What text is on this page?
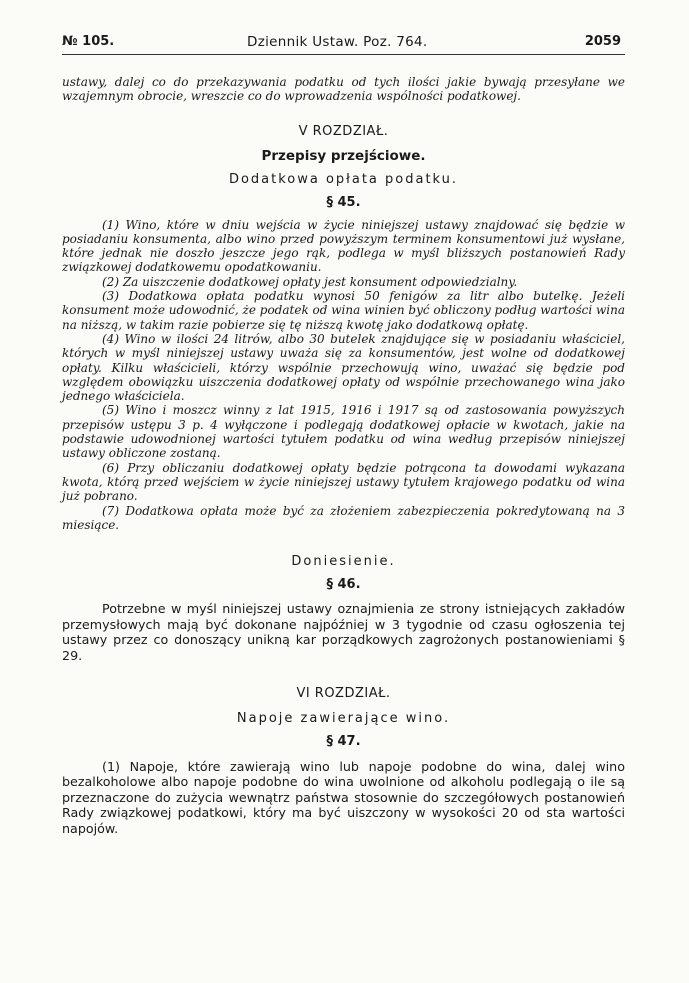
№ 105.	Dziennik Ustaw. Poz. 764.	2059

ustawy, dalej co do przekazywania podatku od tych ilości jakie bywają przesyłane we wzajemnym obrocie, wreszcie co do wprowadzenia wspólności podatkowej.

V ROZDZIAŁ.

Przepisy przejściowe.

Dodatkowa opłata podatku.

§ 45.

(1) Wino, które w dniu wejścia w życie niniejszej ustawy znajdować się będzie w posiadaniu konsumenta, albo wino przed powyższym terminem konsumentowi już wysłane, które jednak nie doszło jeszcze jego rąk, podlega w myśl bliższych postanowień Rady związkowej dodatkowemu opodatkowaniu.

(2) Za uiszczenie dodatkowej opłaty jest konsument odpowiedzialny.

(3) Dodatkowa opłata podatku wynosi 50 fenigów za litr albo butelkę. Jeżeli konsument może udowodnić, że podatek od wina winien być obliczony podług wartości wina na niższą, w takim razie pobierze się tę niższą kwotę jako dodatkową opłatę.

(4) Wino w ilości 24 litrów, albo 30 butelek znajdujące się w posiadaniu właściciel, których w myśl niniejszej ustawy uważa się za konsumentów, jest wolne od dodatkowej opłaty. Kilku właścicieli, którzy wspólnie przechowują wino, uważać się będzie pod względem obowiązku uiszczenia dodatkowej opłaty od wspólnie przechowanego wina jako jednego właściciela.

(5) Wino i moszcz winny z lat 1915, 1916 i 1917 są od zastosowania powyższych przepisów ustępu 3 p. 4 wyłączone i podlegają dodatkowej opłacie w kwotach, jakie na podstawie udowodnionej wartości tytułem podatku od wina według przepisów niniejszej ustawy obliczone zostaną.

(6) Przy obliczaniu dodatkowej opłaty będzie potrącona ta dowodami wykazana kwota, którą przed wejściem w życie niniejszej ustawy tytułem krajowego podatku od wina już pobrano.

(7) Dodatkowa opłata może być za złożeniem zabezpieczenia pokredytowaną na 3 miesiące.

Doniesienie.

§ 46.

Potrzebne w myśl niniejszej ustawy oznajmienia ze strony istniejących zakładów przemysłowych mają być dokonane najpóźniej w 3 tygodnie od czasu ogłoszenia tej ustawy przez co donoszący unikną kar porządkowych zagrożonych postanowieniami § 29.

VI ROZDZIAŁ.

Napoje zawierające wino.

§ 47.

(1) Napoje, które zawierają wino lub napoje podobne do wina, dalej wino bezalkoholowe albo napoje podobne do wina uwolnione od alkoholu podlegają o ile są przeznaczone do zużycia wewnątrz państwa stosownie do szczegółowych postanowień Rady związkowej podatkowi, który ma być uiszczony w wysokości 20 od sta wartości napojów.
